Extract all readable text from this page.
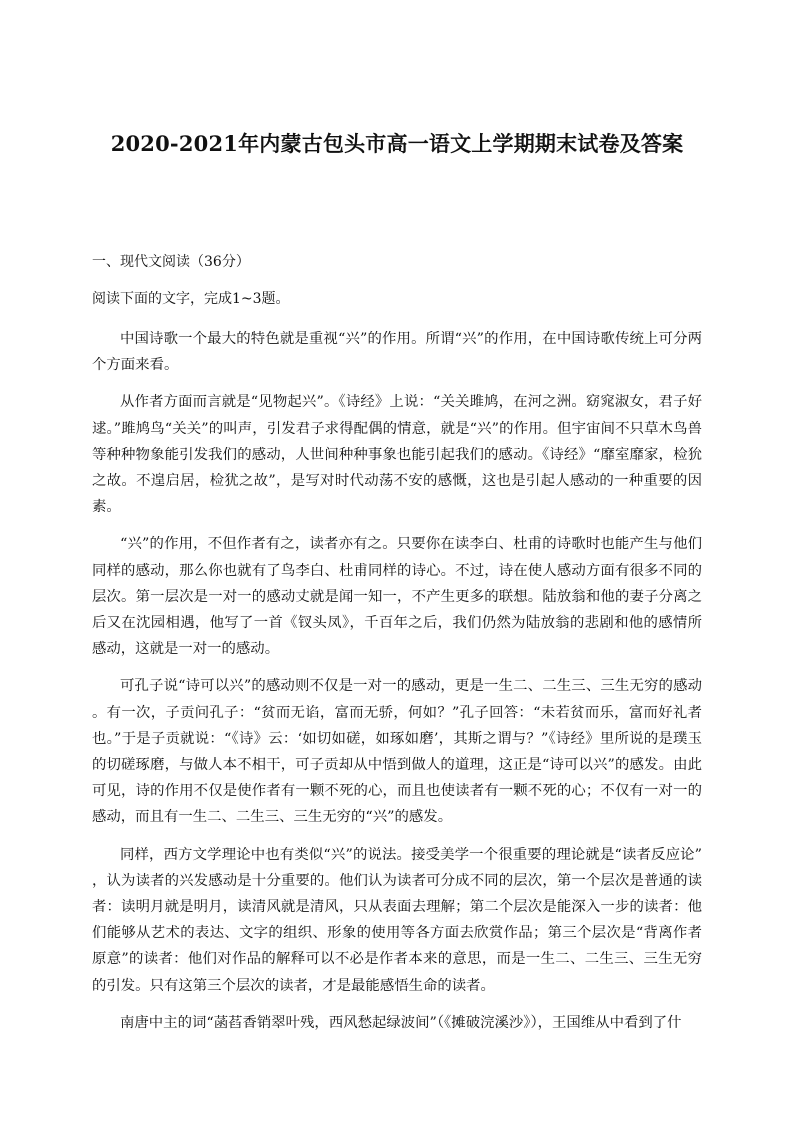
2020-2021年内蒙古包头市高一语文上学期期末试卷及答案
一、现代文阅读（36分）
阅读下面的文字，完成1~3题。

中国诗歌一个最大的特色就是重视“兴”的作用。所谓“兴”的作用，在中国诗歌传统上可分两个方面来看。

从作者方面而言就是“见物起兴”。《诗经》上说：“关关雎鸠，在河之洲。窈窕淑女，君子好逑。”雎鸠鸟“关关”的叫声，引发君子求得配偶的情意，就是“兴”的作用。但宇宙间不只草木鸟兽等种种物象能引发我们的感动，人世间种种事象也能引起我们的感动。《诗经》“靡室靡家，检狁之故。不遑启居，检犹之故”，是写对时代动荡不安的感慨，这也是引起人感动的一种重要的因素。

“兴”的作用，不但作者有之，读者亦有之。只要你在读李白、杜甫的诗歌时也能产生与他们同样的感动，那么你也就有了鸟李白、杜甫同样的诗心。不过，诗在使人感动方面有很多不同的层次。第一层次是一对一的感动丈就是闻一知一，不产生更多的联想。陆放翁和他的妻子分离之后又在沈园相遇，他写了一首《钗头凤》，千百年之后，我们仍然为陆放翁的悲剧和他的感情所感动，这就是一对一的感动。

可孔子说“诗可以兴”的感动则不仅是一对一的感动，更是一生二、二生三、三生无穷的感动。有一次，子贡问孔子：“贫而无谄，富而无骄，何如？”孔子回答：“未若贫而乐，富而好礼者也。”于是子贡就说：“《诗》云：‘如切如磋，如琢如磨’，其斯之谓与？”《诗经》里所说的是璞玉的切磋琢磨，与做人本不相干，可子贡却从中悟到做人的道理，这正是“诗可以兴”的感发。由此可见，诗的作用不仅是使作者有一颗不死的心，而且也使读者有一颗不死的心；不仅有一对一的感动，而且有一生二、二生三、三生无穷的“兴”的感发。

同样，西方文学理论中也有类似“兴”的说法。接受美学一个很重要的理论就是“读者反应论”，认为读者的兴发感动是十分重要的。他们认为读者可分成不同的层次，第一个层次是普通的读者：读明月就是明月，读清风就是清风，只从表面去理解；第二个层次是能深入一步的读者：他们能够从艺术的表达、文字的组织、形象的使用等各方面去欣赏作品；第三个层次是“背离作者原意”的读者：他们对作品的解释可以不必是作者本来的意思，而是一生二、二生三、三生无穷的引发。只有这第三个层次的读者，才是最能感悟生命的读者。

南唐中主的词“菡萏香销翠叶残，西风愁起绿波间”（《摊破浣溪沙》），王国维从中看到了什
